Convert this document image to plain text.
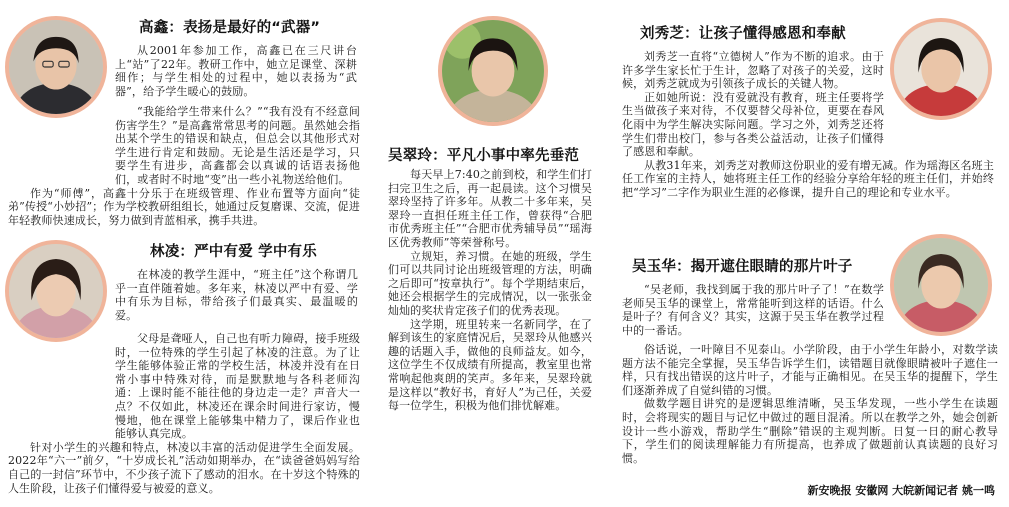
高鑫：表扬是最好的“武器”
林凌：严中有爱 学中有乐
吴翠玲：平凡小事中率先垂范
刘秀芝：让孩子懂得感恩和奉献
吴玉华：揭开遮住眼睛的那片叶子

从2001年参加工作，高鑫已在三尺讲台上“站”了22年。教研工作中，她立足课堂、深耕细作；与学生相处的过程中，她以表扬为“武器”，给予学生暖心的鼓励。

“我能给学生带来什么？”“我有没有不经意间伤害学生？”是高鑫常常思考的问题。虽然她会指出某个学生的错误和缺点，但总会以其他形式对学生进行肯定和鼓励。无论是生活还是学习，只要学生有进步，高鑫都会以真诚的话语表扬他们，或者时不时地“变”出一些小礼物送给他们。

作为“师傅”，高鑫十分乐于在班级管理、作业布置等方面向“徒弟”传授“小妙招”；作为学校教研组组长，她通过反复磨课、交流，促进年轻教师快速成长，努力做到青蓝相承，携手共进。

在林凌的教学生涯中，“班主任”这个称谓几乎一直伴随着她。多年来，林凌以严中有爱、学中有乐为目标，带给孩子们最真实、最温暖的爱。

父母是聋哑人，自己也有听力障碍，接手班级时，一位特殊的学生引起了林凌的注意。为了让学生能够体验正常的学校生活，林凌并没有在日常小事中特殊对待，而是默默地与各科老师沟通：上课时能不能往他的身边走一走？声音大一点？不仅如此，林凌还在课余时间进行家访，慢慢地，他在课堂上能够集中精力了，课后作业也能够认真完成。

针对小学生的兴趣和特点，林凌以丰富的活动促进学生全面发展。2022年“六一”前夕，“十岁成长礼”活动如期举办，在“读爸爸妈妈写给自己的一封信”环节中，不少孩子流下了感动的泪水。在十岁这个特殊的人生阶段，让孩子们懂得爱与被爱的意义。

每天早上7:40之前到校，和学生们打扫完卫生之后，再一起晨读。这个习惯吴翠玲坚持了许多年。从教二十多年来，吴翠玲一直担任班主任工作，曾获得“合肥市优秀班主任”“合肥市优秀辅导员”“瑶海区优秀教师”等荣誉称号。

立规矩，养习惯。在她的班级，学生们可以共同讨论出班级管理的方法，明确之后即可“按章执行”。每个学期结束后，她还会根据学生的完成情况，以一张张金灿灿的奖状肯定孩子们的优秀表现。

这学期，班里转来一名新同学，在了解到该生的家庭情况后，吴翠玲从他感兴趣的话题入手，做他的良师益友。如今，这位学生不仅成绩有所提高，教室里也常常响起他爽朗的笑声。多年来，吴翠玲就是这样以“教好书，育好人”为己任，关爱每一位学生，积极为他们排忧解难。

刘秀芝一直将“立德树人”作为不断的追求。由于许多学生家长忙于生计，忽略了对孩子的关爱，这时候，刘秀芝就成为引领孩子成长的关键人物。

正如她所说：没有爱就没有教育，班主任要将学生当做孩子来对待，不仅要替父母补位，更要在春风化雨中为学生解决实际问题。学习之外，刘秀芝还将学生们带出校门，参与各类公益活动，让孩子们懂得了感恩和奉献。

从教31年来，刘秀芝对教师这份职业的爱有增无减。作为瑶海区名班主任工作室的主持人，她将班主任工作的经验分享给年轻的班主任们，并始终把“学习”二字作为职业生涯的必修课，提升自己的理论和专业水平。

“吴老师，我找到属于我的那片叶子了！”在数学老师吴玉华的课堂上，常常能听到这样的话语。什么是叶子？有何含义？其实，这源于吴玉华在教学过程中的一番话。

俗话说，一叶障目不见泰山。小学阶段，由于小学生年龄小，对数学读题方法不能完全掌握，吴玉华告诉学生们，读错题目就像眼睛被叶子遮住一样，只有找出错误的这片叶子，才能与正确相见。在吴玉华的提醒下，学生们逐渐养成了自觉纠错的习惯。

做数学题目讲究的是逻辑思维清晰，吴玉华发现，一些小学生在读题时，会将现实的题目与记忆中做过的题目混淆。所以在教学之外，她会创新设计一些小游戏，帮助学生“删除”错误的主观判断。日复一日的耐心教导下，学生们的阅读理解能力有所提高，也养成了做题前认真读题的良好习惯。

新安晚报 安徽网 大皖新闻记者 姚一鸣
